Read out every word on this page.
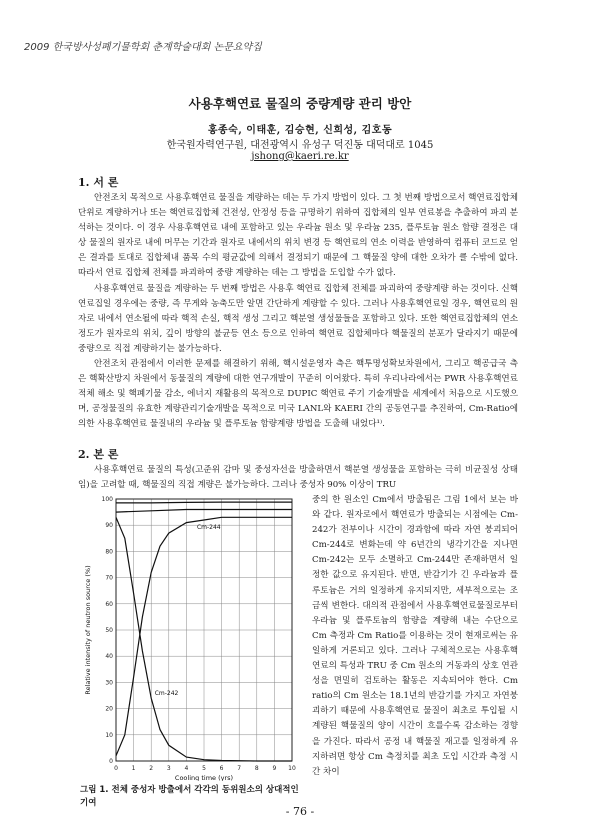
2009 한국방사성폐기물학회 춘계학술대회 논문요약집
사용후핵연료 물질의 중량계량 관리 방안
홍종숙, 이태훈, 김승현, 신희성, 김호동
한국원자력연구원, 대전광역시 유성구 덕진동 대덕대로 1045
jshong@kaeri.re.kr
1. 서 론

안전조치 목적으로 사용후핵연료 물질을 계량하는 데는 두 가지 방법이 있다. 그 첫 번째 방법으로서 핵연료집합체 단위로 계량하거나 또는 핵연료집합체 건전성, 안정성 등을 규명하기 위하여 집합체의 일부 연료봉을 추출하여 파괴 분석하는 것이다. 이 경우 사용후핵연료 내에 포함하고 있는 우라늄 원소 및 우라늄 235, 플루토늄 원소 함량 결정은 대상 물질의 원자로 내에 머무는 기간과 원자로 내에서의 위치 변경 등 핵연료의 연소 이력을 반영하여 컴퓨터 코드로 얻은 결과를 토대로 집합체내 품목 수의 평균값에 의해서 결정되기 때문에 그 핵물질 양에 대한 오차가 클 수밖에 없다. 따라서 연료 집합체 전체를 파괴하여 중량 계량하는 데는 그 방법을 도입할 수가 없다.

사용후핵연료 물질을 계량하는 두 번째 방법은 사용후 핵연료 집합체 전체를 파괴하여 중량계량 하는 것이다. 신핵연료집일 경우에는 중량, 즉 무게와 농축도만 알면 간단하게 계량할 수 있다. 그러나 사용후핵연료일 경우, 핵연료의 원자로 내에서 연소될에 따라 핵적 손실, 핵적 생성 그리고 핵분열 생성물들을 포함하고 있다. 또한 핵연료집합체의 연소정도가 원자로의 위치, 깊이 방향의 불균등 연소 등으로 인하여 핵연료 집합체마다 핵물질의 분포가 달라지기 때문에 중량으로 직접 계량하기는 불가능하다.

안전조치 관점에서 이러한 문제를 해결하기 위해, 핵시설운영자 측은 핵투명성확보차원에서, 그리고 핵공급국 측은 핵확산방지 차원에서 동물질의 계량에 대한 연구개발이 꾸준히 이어왔다. 특히 우리나라에서는 PWR 사용후핵연료 적체 해소 및 핵폐기물 감소, 에너지 재활용의 목적으로 DUPIC 핵연료 주기 기술개발을 세계에서 처음으로 시도했으며, 공정물질의 유효한 계량관리기술개발을 목적으로 미국 LANL와 KAERI 간의 공동연구를 추진하여, Cm-Ratio에 의한 사용후핵연료 물질내의 우라늄 및 플루토늄 함량계량 방법을 도출해 내었다¹⁾.

2. 본 론

사용후핵연료 물질의 특성(고준위 감마 및 중성자선을 방출하면서 핵분열 생성물을 포함하는 극히 비균질성 상태임)을 고려할 때, 핵물질의 직접 계량은 불가능하다. 그러나 중성자 90% 이상이 TRU

중의 한 원소인 Cm에서 방출됨은 그림 1에서 보는 바와 같다. 원자로에서 핵연료가 방출되는 시점에는 Cm-242가 전부이나 시간이 경과함에 따라 자연 붕괴되어 Cm-244로 변화는데 약 6년간의 냉각기간을 지나면 Cm-242는 모두 소멸하고 Cm-244만 존재하면서 일정한 값으로 유지된다. 반면, 반감기가 긴 우라늄과 플루토늄은 거의 일정하게 유지되지만, 세부적으로는 조금씩 변한다. 대의적 관점에서 사용후핵연료물질로부터 우라늄 및 플루토늄의 함량을 계량해 내는 수단으로 Cm 측정과 Cm Ratio를 이용하는 것이 현재로써는 유일하게 거론되고 있다. 그러나 구체적으로는 사용후핵연료의 특성과 TRU 중 Cm 원소의 거동과의 상호 연관성을 면밀히 검토하는 활동은 지속되어야 한다. Cm ratio의 Cm 원소는 18.1년의 반감기를 가지고 자연붕괴하기 때문에 사용후핵연료 물질이 최초로 투입될 시 계량된 핵물질의 양이 시간이 흐를수록 감소하는 경향을 가진다. 따라서 공정 내 핵물질 재고를 일정하게 유지하려면 항상 Cm 측정치를 최초 도입 시간과 측정 시간 차이

0 1 2 3 4 5 6 7 8 9 10
0
10
20
30
40
50
60
70
80
90
100
Cm-244
Cm-242
Cooling time (yrs)
Relative intensity of neutron source (%)
그림 1. 전체 중성자 방출에서 각각의 동위원소의 상대적인 기여
- 76 -
